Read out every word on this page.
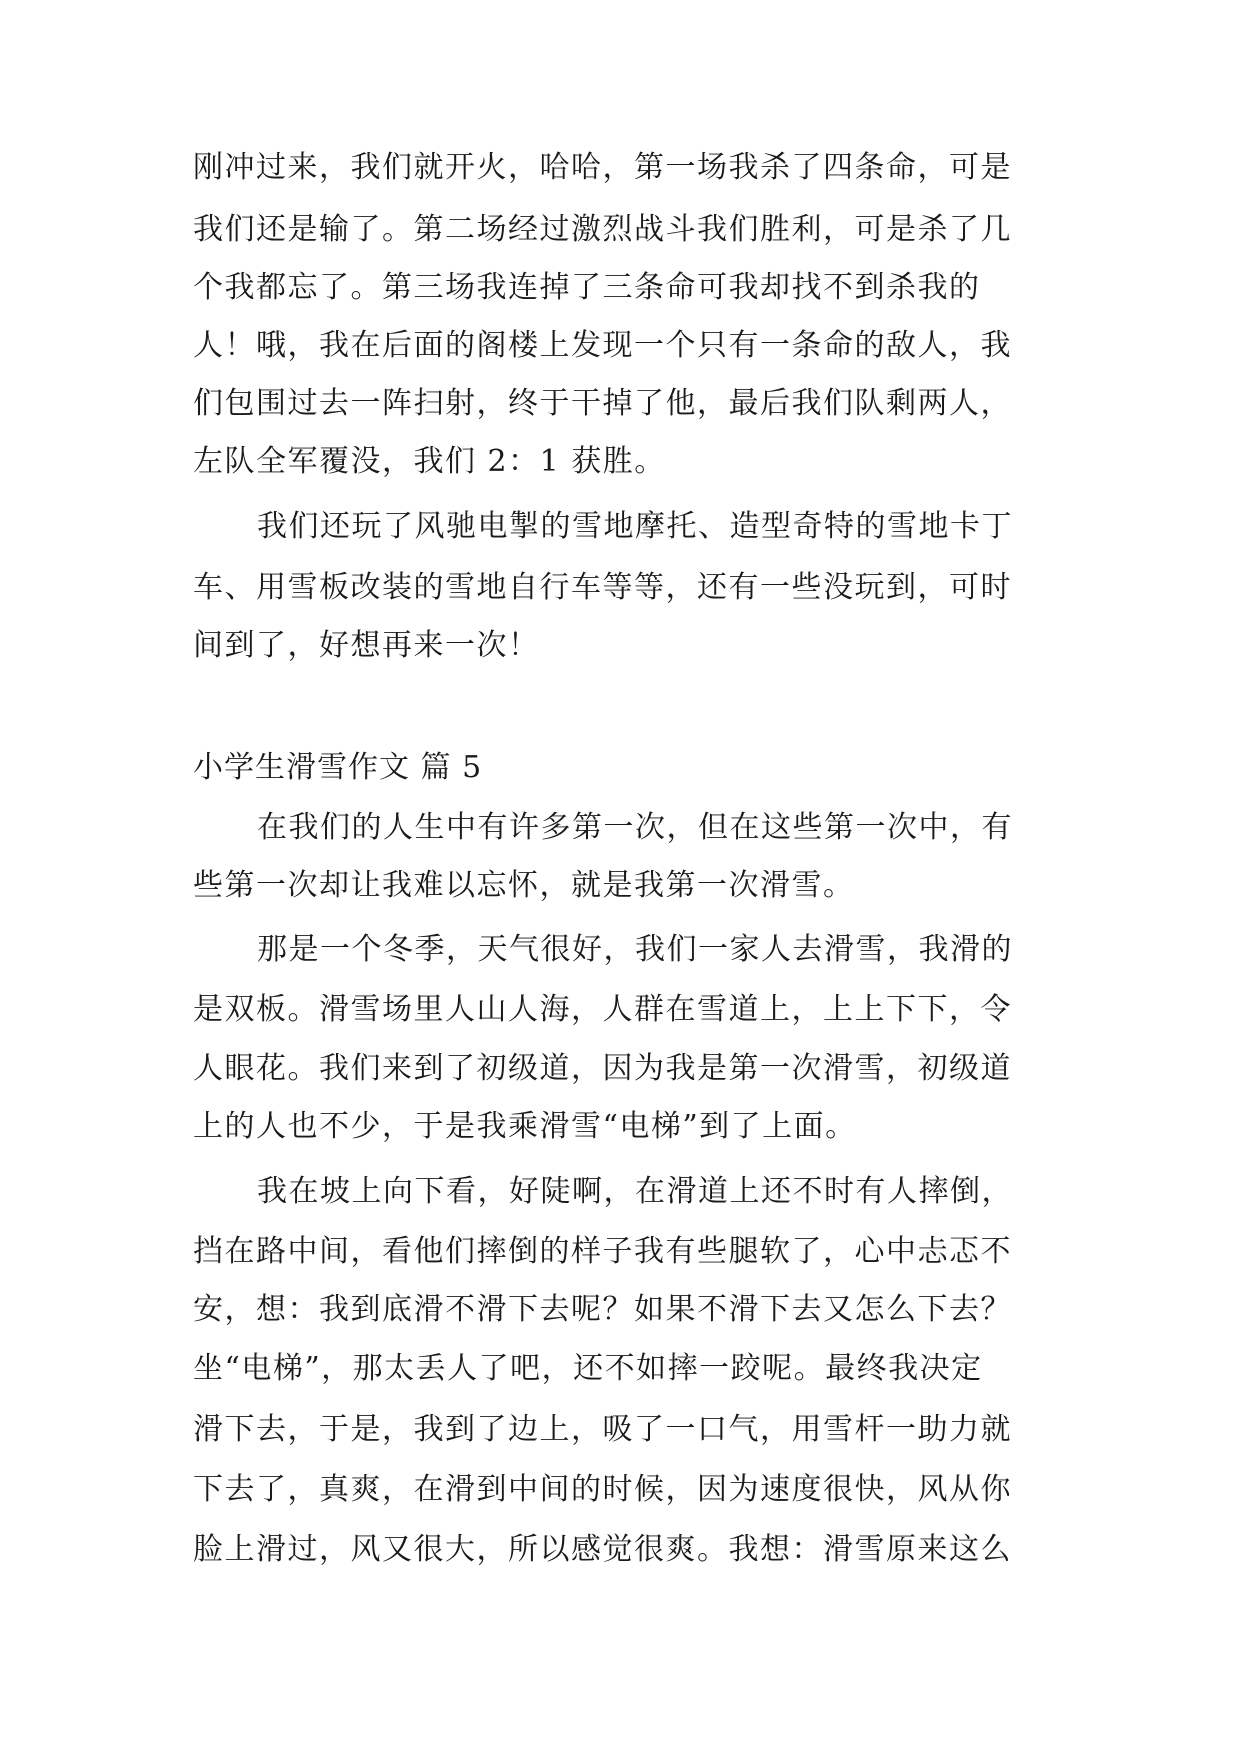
刚冲过来，我们就开火，哈哈，第一场我杀了四条命，可是
我们还是输了。第二场经过激烈战斗我们胜利，可是杀了几
个我都忘了。第三场我连掉了三条命可我却找不到杀我的
人！哦，我在后面的阁楼上发现一个只有一条命的敌人，我
们包围过去一阵扫射，终于干掉了他，最后我们队剩两人，
左队全军覆没，我们 2：1 获胜。
我们还玩了风驰电掣的雪地摩托、造型奇特的雪地卡丁
车、用雪板改装的雪地自行车等等，还有一些没玩到，可时
间到了，好想再来一次！
小学生滑雪作文 篇 5
在我们的人生中有许多第一次，但在这些第一次中，有
些第一次却让我难以忘怀，就是我第一次滑雪。
那是一个冬季，天气很好，我们一家人去滑雪，我滑的
是双板。滑雪场里人山人海，人群在雪道上，上上下下，令
人眼花。我们来到了初级道，因为我是第一次滑雪，初级道
上的人也不少，于是我乘滑雪“电梯”到了上面。
我在坡上向下看，好陡啊，在滑道上还不时有人摔倒，
挡在路中间，看他们摔倒的样子我有些腿软了，心中忐忑不
安，想：我到底滑不滑下去呢？如果不滑下去又怎么下去？
坐“电梯”，那太丢人了吧，还不如摔一跤呢。最终我决定
滑下去，于是，我到了边上，吸了一口气，用雪杆一助力就
下去了，真爽，在滑到中间的时候，因为速度很快，风从你
脸上滑过，风又很大，所以感觉很爽。我想：滑雪原来这么
